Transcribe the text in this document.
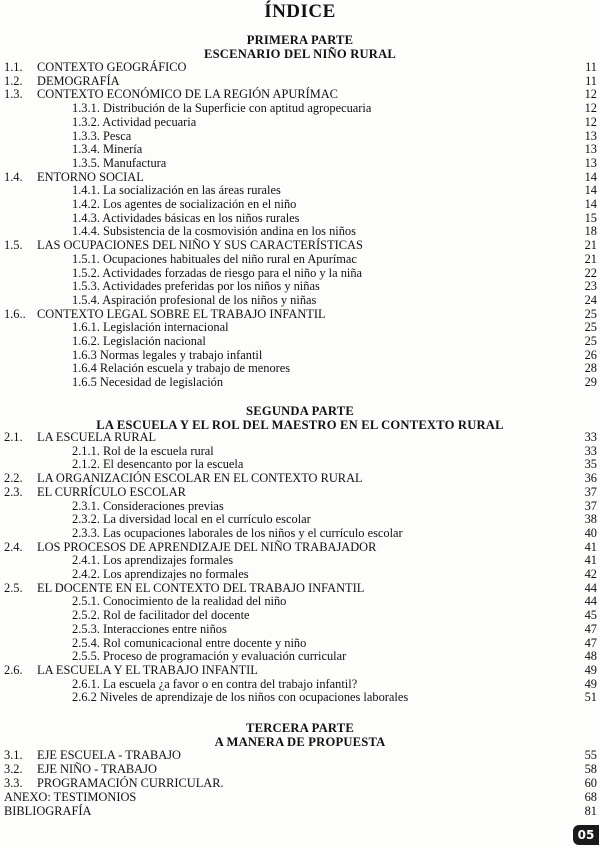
ÍNDICE
PRIMERA PARTE
ESCENARIO DEL NIÑO RURAL
1.1. CONTEXTO GEOGRÁFICO	11
1.2. DEMOGRAFÍA	11
1.3. CONTEXTO ECONÓMICO DE LA REGIÓN APURÍMAC	12
1.3.1. Distribución de la Superficie con aptitud agropecuaria	12
1.3.2. Actividad pecuaria	12
1.3.3. Pesca	13
1.3.4. Minería	13
1.3.5. Manufactura	13
1.4. ENTORNO SOCIAL	14
1.4.1. La socialización en las áreas rurales	14
1.4.2. Los agentes de socialización en el niño	14
1.4.3. Actividades básicas en los niños rurales	15
1.4.4. Subsistencia de la cosmovisión andina en los niños	18
1.5. LAS OCUPACIONES DEL NIÑO Y SUS CARACTERÍSTICAS	21
1.5.1. Ocupaciones habituales del niño rural en Apurímac	21
1.5.2. Actividades forzadas de riesgo para el niño y la niña	22
1.5.3. Actividades preferidas por los niños y niñas	23
1.5.4. Aspiración profesional de los niños y niñas	24
1.6.. CONTEXTO LEGAL SOBRE EL TRABAJO INFANTIL	25
1.6.1. Legislación internacional	25
1.6.2. Legislación nacional	25
1.6.3 Normas legales y trabajo infantil	26
1.6.4 Relación escuela y trabajo de menores	28
1.6.5 Necesidad de legislación	29
SEGUNDA PARTE
LA ESCUELA Y EL ROL DEL MAESTRO EN EL CONTEXTO RURAL
2.1. LA ESCUELA RURAL	33
2.1.1. Rol de la escuela rural	33
2.1.2. El desencanto por la escuela	35
2.2. LA ORGANIZACIÓN ESCOLAR EN EL CONTEXTO RURAL	36
2.3. EL CURRÍCULO ESCOLAR	37
2.3.1. Consideraciones previas	37
2.3.2. La diversidad local en el currículo escolar	38
2.3.3. Las ocupaciones laborales de los niños y el currículo escolar	40
2.4. LOS PROCESOS DE APRENDIZAJE DEL NIÑO TRABAJADOR	41
2.4.1. Los aprendizajes formales	41
2.4.2. Los aprendizajes no formales	42
2.5. EL DOCENTE EN EL CONTEXTO DEL TRABAJO INFANTIL	44
2.5.1. Conocimiento de la realidad del niño	44
2.5.2. Rol de facilitador del docente	45
2.5.3. Interacciones entre niños	47
2.5.4. Rol comunicacional entre docente y niño	47
2.5.5. Proceso de programación y evaluación curricular	48
2.6. LA ESCUELA Y EL TRABAJO INFANTIL	49
2.6.1. La escuela ¿a favor o en contra del trabajo infantil?	49
2.6.2 Niveles de aprendizaje de los niños con ocupaciones laborales	51
TERCERA PARTE
A MANERA DE PROPUESTA
3.1. EJE ESCUELA - TRABAJO	55
3.2. EJE NIÑO - TRABAJO	58
3.3. PROGRAMACIÓN CURRICULAR.	60
ANEXO: TESTIMONIOS	68
BIBLIOGRAFÍA	81
05
